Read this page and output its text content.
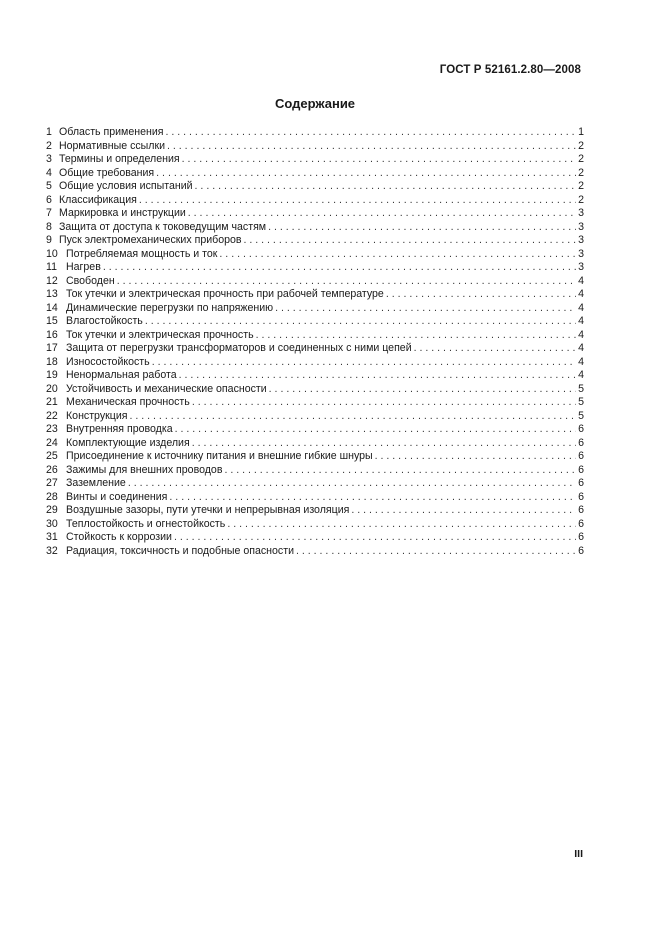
ГОСТ Р 52161.2.80—2008
Содержание
1 Область применения . . .	1
2 Нормативные ссылки . . .	2
3 Термины и определения . . .	2
4 Общие требования . . .	2
5 Общие условия испытаний . . .	2
6 Классификация . . .	2
7 Маркировка и инструкции . . .	3
8 Защита от доступа к токоведущим частям . . .	3
9 Пуск электромеханических приборов . . .	3
10 Потребляемая мощность и ток . . .	3
11 Нагрев . . .	3
12 Свободен . . .	4
13 Ток утечки и электрическая прочность при рабочей температуре . . .	4
14 Динамические перегрузки по напряжению . . .	4
15 Влагостойкость . . .	4
16 Ток утечки и электрическая прочность . . .	4
17 Защита от перегрузки трансформаторов и соединенных с ними цепей . . .	4
18 Износостойкость . . .	4
19 Ненормальная работа . . .	4
20 Устойчивость и механические опасности . . .	5
21 Механическая прочность . . .	5
22 Конструкция . . .	5
23 Внутренняя проводка . . .	6
24 Комплектующие изделия . . .	6
25 Присоединение к источнику питания и внешние гибкие шнуры . . .	6
26 Зажимы для внешних проводов . . .	6
27 Заземление . . .	6
28 Винты и соединения . . .	6
29 Воздушные зазоры, пути утечки и непрерывная изоляция . . .	6
30 Теплостойкость и огнестойкость . . .	6
31 Стойкость к коррозии . . .	6
32 Радиация, токсичность и подобные опасности . . .	6
III
